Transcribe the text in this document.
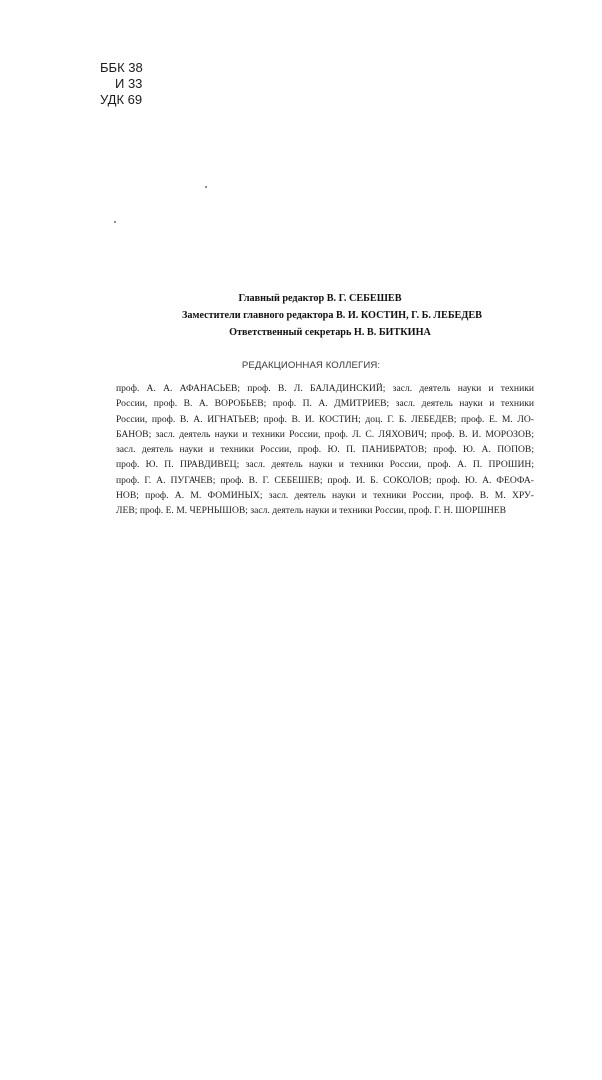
ББК 38
И 33
УДК 69
Главный редактор В. Г. СЕБЕШЕВ
Заместители главного редактора В. И. КОСТИН, Г. Б. ЛЕБЕДЕВ
Ответственный секретарь Н. В. БИТКИНА
РЕДАКЦИОННАЯ КОЛЛЕГИЯ:
проф. А. А. АФАНАСЬЕВ; проф. В. Л. БАЛАДИНСКИЙ; засл. деятель науки и техники
России, проф. В. А. ВОРОБЬЕВ; проф. П. А. ДМИТРИЕВ; засл. деятель науки и техники
России, проф. В. А. ИГНАТЬЕВ; проф. В. И. КОСТИН; доц. Г. Б. ЛЕБЕДЕВ; проф. Е. М. ЛО-
БАНОВ; засл. деятель науки и техники России, проф. Л. С. ЛЯХОВИЧ; проф. В. И. МОРОЗОВ;
засл. деятель науки и техники России, проф. Ю. П. ПАНИБРАТОВ; проф. Ю. А. ПОПОВ;
проф. Ю. П. ПРАВДИВЕЦ; засл. деятель науки и техники России, проф. А. П. ПРОШИН;
проф. Г. А. ПУГАЧЕВ; проф. В. Г. СЕБЕШЕВ; проф. И. Б. СОКОЛОВ; проф. Ю. А. ФЕОФА-
НОВ; проф. А. М. ФОМИНЫХ; засл. деятель науки и техники России, проф. В. М. ХРУ-
ЛЕВ; проф. Е. М. ЧЕРНЫШОВ; засл. деятель науки и техники России, проф. Г. Н. ШОРШНЕВ
